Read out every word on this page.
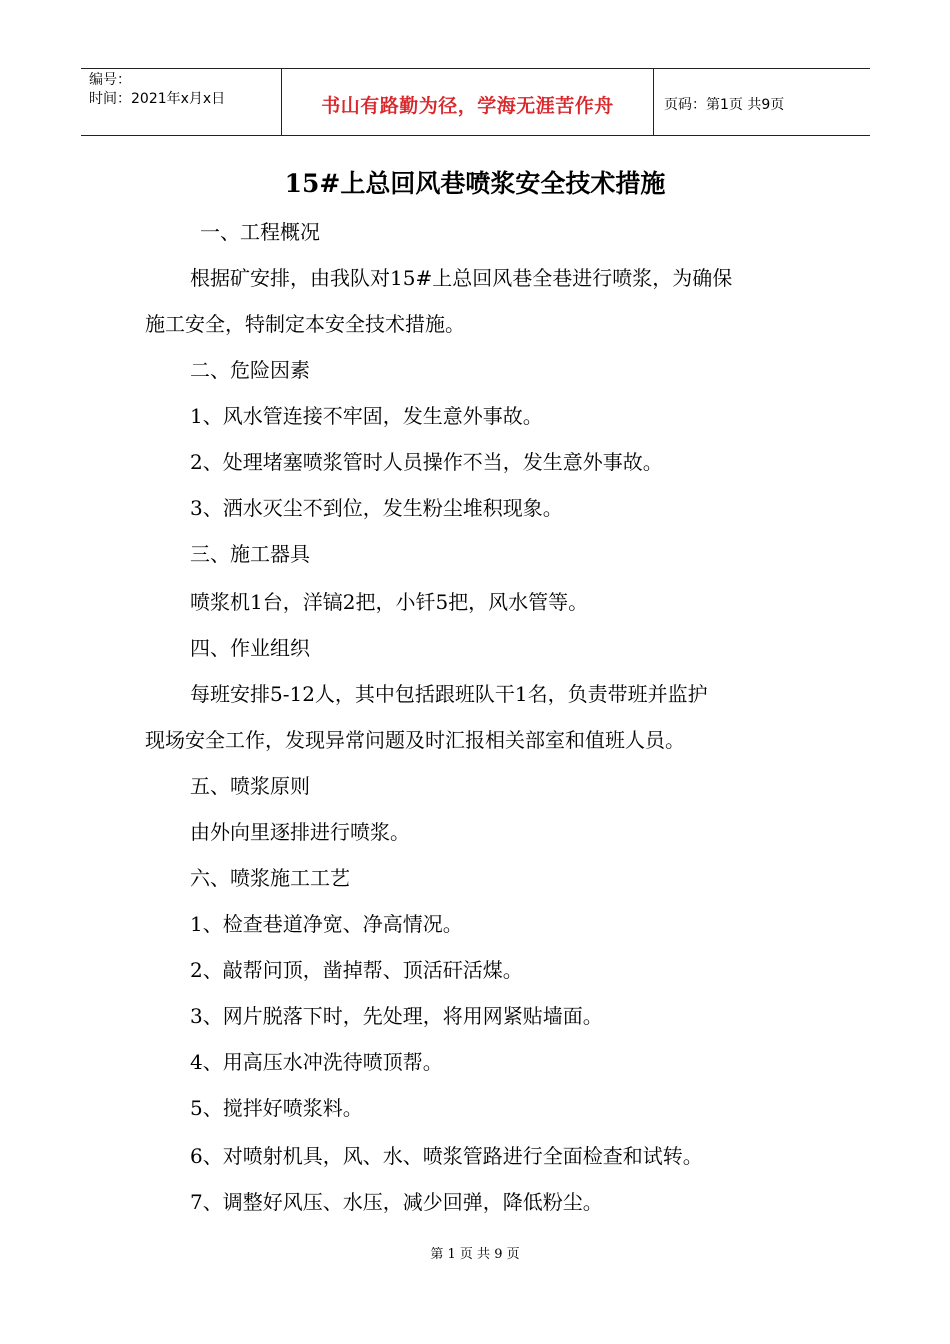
编号：
时间：2021年x月x日	书山有路勤为径，学海无涯苦作舟	页码：第1页 共9页
15#上总回风巷喷浆安全技术措施
一、工程概况
根据矿安排，由我队对15#上总回风巷全巷进行喷浆，为确保
施工安全，特制定本安全技术措施。
二、危险因素
1、风水管连接不牢固，发生意外事故。
2、处理堵塞喷浆管时人员操作不当，发生意外事故。
3、洒水灭尘不到位，发生粉尘堆积现象。
三、施工器具
喷浆机1台，洋镐2把，小钎5把，风水管等。
四、作业组织
每班安排5-12人，其中包括跟班队干1名，负责带班并监护
现场安全工作，发现异常问题及时汇报相关部室和值班人员。
五、喷浆原则
由外向里逐排进行喷浆。
六、喷浆施工工艺
1、检查巷道净宽、净高情况。
2、敲帮问顶，凿掉帮、顶活矸活煤。
3、网片脱落下时，先处理，将用网紧贴墙面。
4、用高压水冲洗待喷顶帮。
5、搅拌好喷浆料。
6、对喷射机具，风、水、喷浆管路进行全面检查和试转。
7、调整好风压、水压，减少回弹，降低粉尘。
第 1 页 共 9 页
